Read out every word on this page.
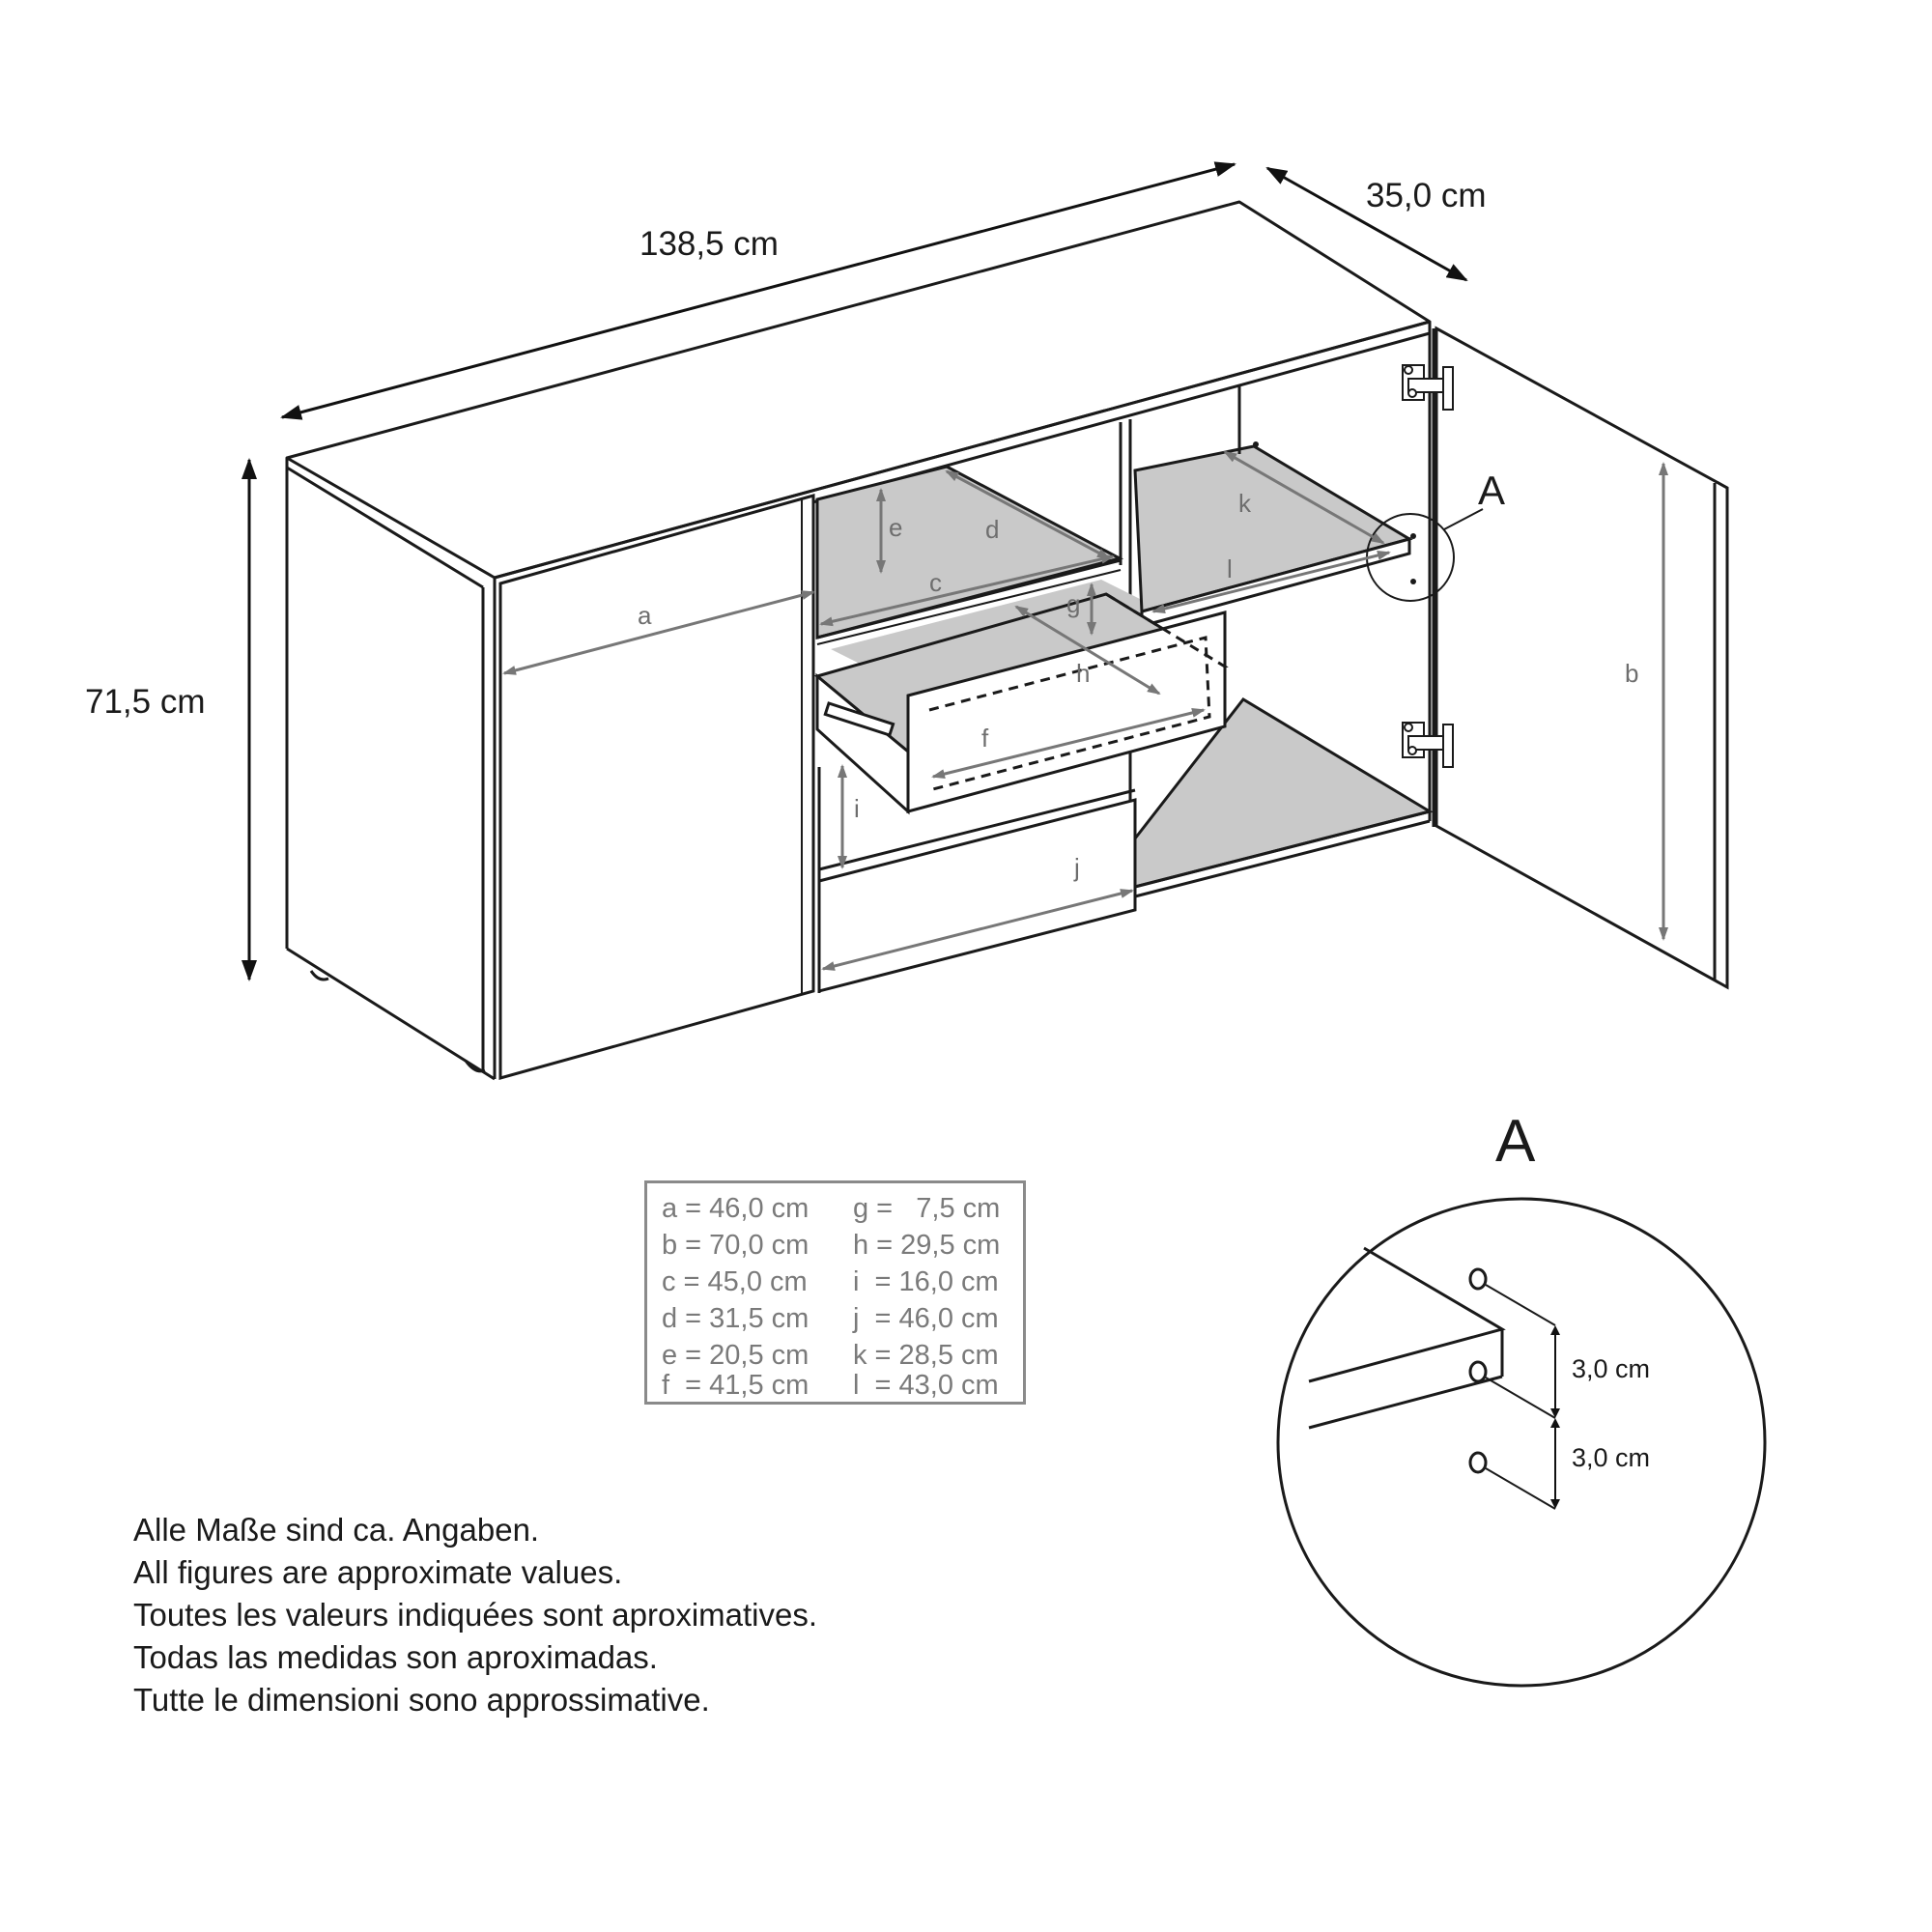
138,5 cm
35,0 cm
71,5 cm
A
a
b
c
d
e
f
g
h
i
j
k
l
A
3,0 cm
3,0 cm
a = 46,0 cm g =   7,5 cm
b = 70,0 cm h = 29,5 cm
c = 45,0 cm i  = 16,0 cm
d = 31,5 cm j  = 46,0 cm
e = 20,5 cm k = 28,5 cm
f  = 41,5 cm l  = 43,0 cm
Alle Maße sind ca. Angaben.
All figures are approximate values.
Toutes les valeurs indiquées sont aproximatives.
Todas las medidas son aproximadas.
Tutte le dimensioni sono approssimative.
